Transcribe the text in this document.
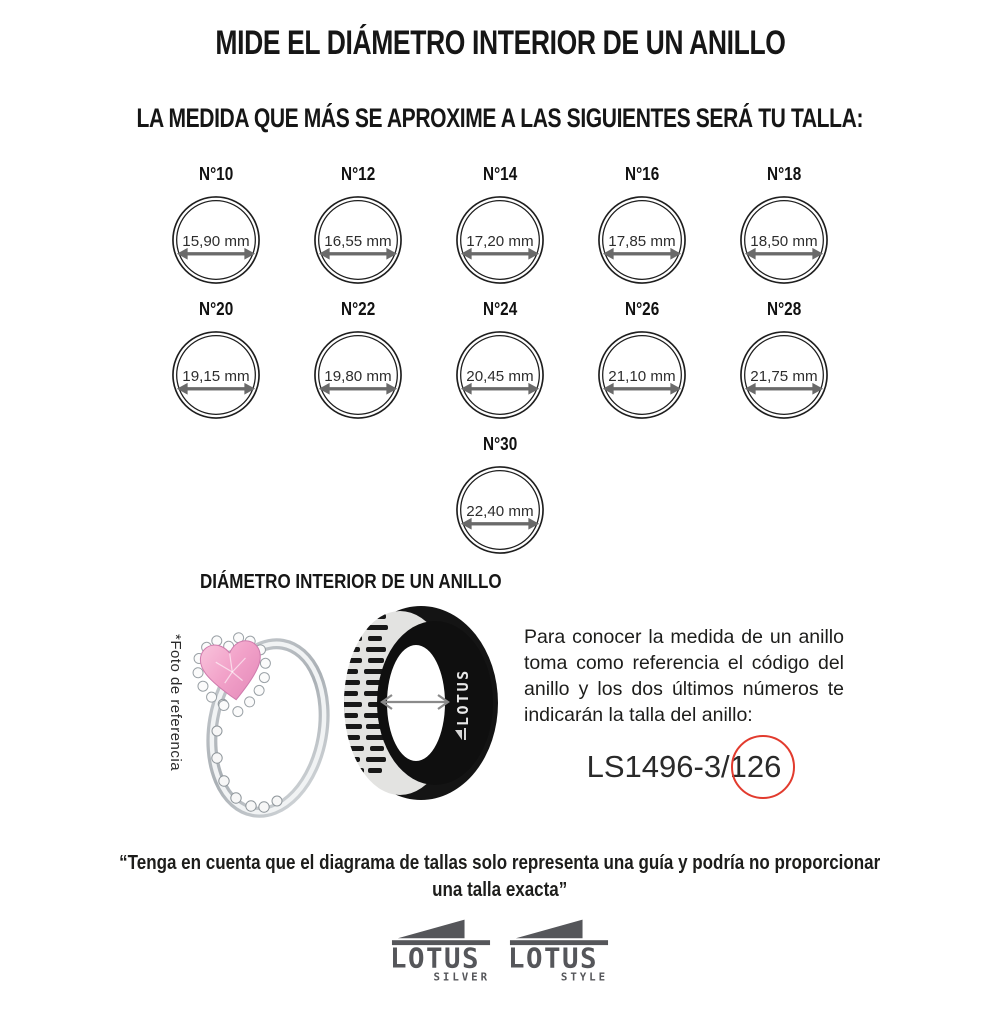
MIDE EL DIÁMETRO INTERIOR DE UN ANILLO
LA MEDIDA QUE MÁS SE APROXIME A LAS SIGUIENTES SERÁ TU TALLA:
N°10
15,90 mm
N°12
16,55 mm
N°14
17,20 mm
N°16
17,85 mm
N°18
18,50 mm
N°20
19,15 mm
N°22
19,80 mm
N°24
20,45 mm
N°26
21,10 mm
N°28
21,75 mm
N°30
22,40 mm
DIÁMETRO INTERIOR DE UN ANILLO
*Foto de referencia	LOTUS

Para conocer la medida de un anillo toma como referencia el código del anillo y los dos últimos números te indicarán la talla del anillo:

LS1496-3/126

“Tenga en cuenta que el diagrama de tallas solo representa una guía y podría no proporcionar
una talla exacta”

LOTUS
SILVER
LOTUS
STYLE
